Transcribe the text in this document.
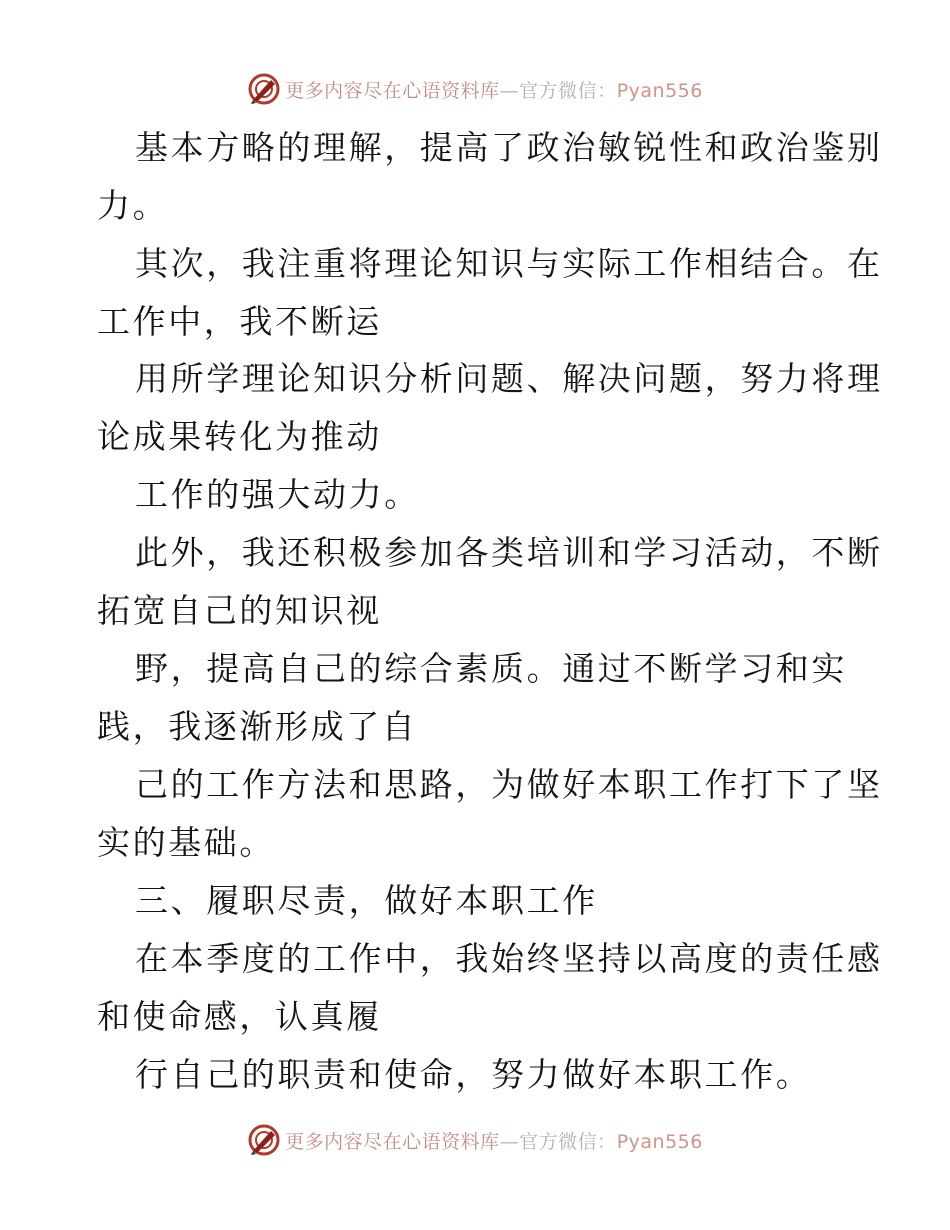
更多内容尽在心语资料库—官方微信：Pyan556
基本方略的理解，提高了政治敏锐性和政治鉴别
力。
其次，我注重将理论知识与实际工作相结合。在
工作中，我不断运
用所学理论知识分析问题、解决问题，努力将理
论成果转化为推动
工作的强大动力。
此外，我还积极参加各类培训和学习活动，不断
拓宽自己的知识视
野，提高自己的综合素质。通过不断学习和实
践，我逐渐形成了自
己的工作方法和思路，为做好本职工作打下了坚
实的基础。
三、履职尽责，做好本职工作
在本季度的工作中，我始终坚持以高度的责任感
和使命感，认真履
行自己的职责和使命，努力做好本职工作。
更多内容尽在心语资料库—官方微信：Pyan556
